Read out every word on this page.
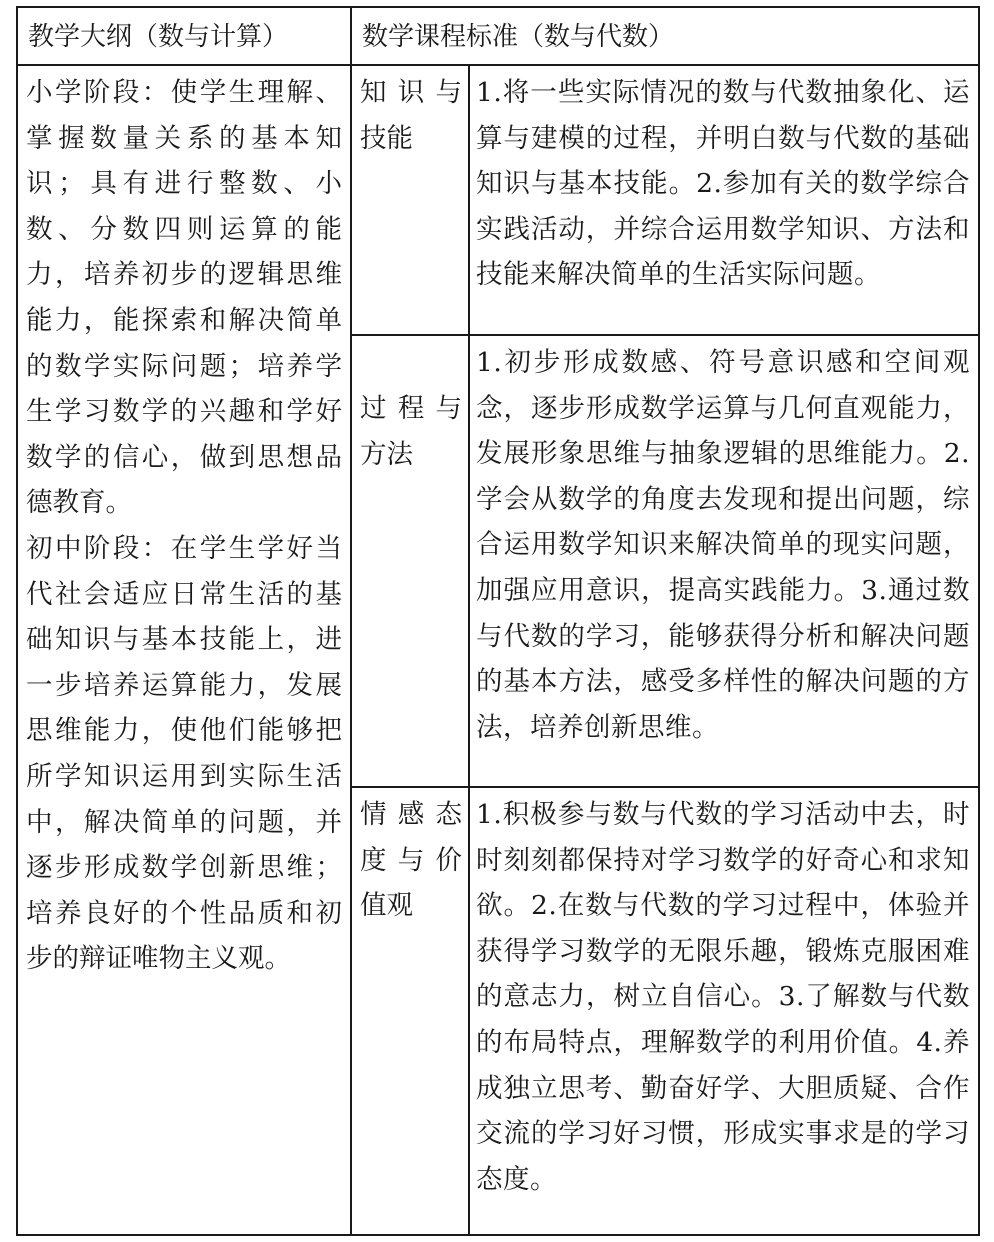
教学大纲（数与计算）	数学课程标准（数与代数）

小学阶段：使学生理解、掌握数量关系的基本知识；具有进行整数、小数、分数四则运算的能力，培养初步的逻辑思维能力，能探索和解决简单的数学实际问题；培养学生学习数学的兴趣和学好数学的信心，做到思想品德教育。

初中阶段：在学生学好当代社会适应日常生活的基础知识与基本技能上，进一步培养运算能力，发展思维能力，使他们能够把所学知识运用到实际生活中，解决简单的问题，并逐步形成数学创新思维；培养良好的个性品质和初步的辩证唯物主义观。

知识与技能
1.将一些实际情况的数与代数抽象化、运算与建模的过程，并明白数与代数的基础知识与基本技能。2.参加有关的数学综合实践活动，并综合运用数学知识、方法和技能来解决简单的生活实际问题。
过程与方法
1.初步形成数感、符号意识感和空间观念，逐步形成数学运算与几何直观能力，发展形象思维与抽象逻辑的思维能力。2.学会从数学的角度去发现和提出问题，综合运用数学知识来解决简单的现实问题，加强应用意识，提高实践能力。3.通过数与代数的学习，能够获得分析和解决问题的基本方法，感受多样性的解决问题的方法，培养创新思维。
情感态度与价值观
1.积极参与数与代数的学习活动中去，时时刻刻都保持对学习数学的好奇心和求知欲。2.在数与代数的学习过程中，体验并获得学习数学的无限乐趣，锻炼克服困难的意志力，树立自信心。3.了解数与代数的布局特点，理解数学的利用价值。4.养成独立思考、勤奋好学、大胆质疑、合作交流的学习好习惯，形成实事求是的学习态度。
